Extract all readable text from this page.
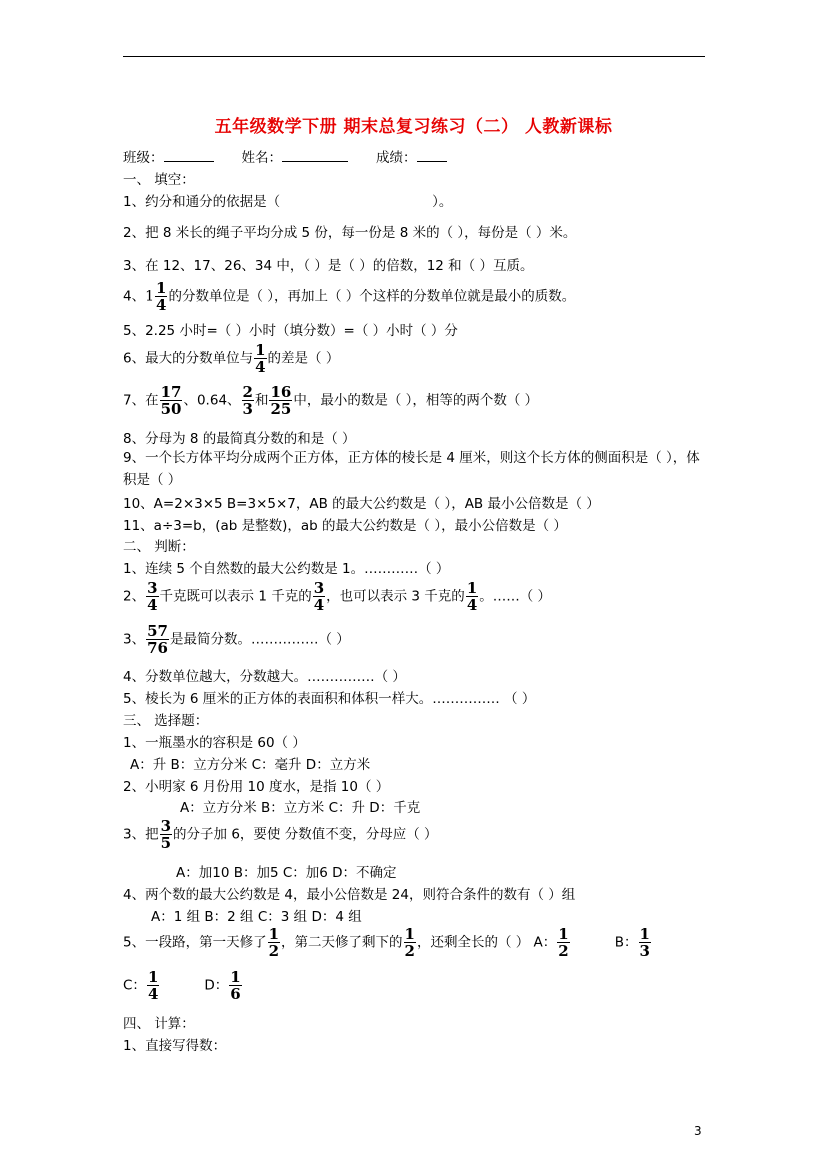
五年级数学下册 期末总复习练习（二） 人教新课标
班级：	姓名：	成绩：
一、 填空：
1、约分和通分的依据是（	）。
2、把 8 米长的绳子平均分成 5 份，每一份是 8 米的（ ），每份是（ ）米。
3、在 12、17、26、34 中，（ ）是（ ）的倍数，12 和（ ）互质。
4、$1 \frac{1}{4}$ 的分数单位是（ ），再加上（ ）个这样的分数单位就是最小的质数。
5、2.25 小时=（ ）小时（填分数）=（ ）小时（ ）分
6、最大的分数单位与 $\frac{1}{4}$ 的差是（ ）
7、在 $\frac{17}{50}$ 、0.64、 $\frac{2}{3}$ 和 $\frac{16}{25}$ 中，最小的数是（ ），相等的两个数（ ）
8、分母为 8 的最简真分数的和是（ ）
9、一个长方体平均分成两个正方体，正方体的棱长是 4 厘米，则这个长方体的侧面积是（ ），体积是（ ）
10、A=2×3×5 B=3×5×7，AB 的最大公约数是（ ），AB 最小公倍数是（ ）
11、a÷3=b，(ab 是整数)，ab 的最大公约数是（ ），最小公倍数是（ ）
二、 判断：
1、连续 5 个自然数的最大公约数是 1。…………（ ）
2、 $\frac{3}{4}$ 千克既可以表示 1 千克的 $\frac{3}{4}$ ，也可以表示 3 千克的 $\frac{1}{4}$ 。……（ ）
3、 $\frac{57}{76}$ 是最简分数。……………（ ）
4、分数单位越大，分数越大。……………（ ）
5、棱长为 6 厘米的正方体的表面积和体积一样大。…………… （ ）
三、 选择题：
1、一瓶墨水的容积是 60（ ）
A：升 B：立方分米 C：毫升 D：立方米
2、小明家 6 月份用 10 度水，是指 10（ ）
A：立方分米 B：立方米 C：升 D：千克
3、把 $\frac{3}{5}$ 的分子加 6，要使 分数值不变，分母应（ ）
A：加10 B：加5 C：加6 D：不确定
4、两个数的最大公约数是 4，最小公倍数是 24，则符合条件的数有（ ）组
A：1 组 B：2 组 C：3 组 D：4 组
5、一段路，第一天修了 $\frac{1}{2}$ ，第二天修了剩下的 $\frac{1}{2}$ ，还剩全长的（ ） A： $\frac{1}{2}$	B： $\frac{1}{3}$
C： $\frac{1}{4}$	D： $\frac{1}{6}$
四、 计算：
1、直接写得数：
3
